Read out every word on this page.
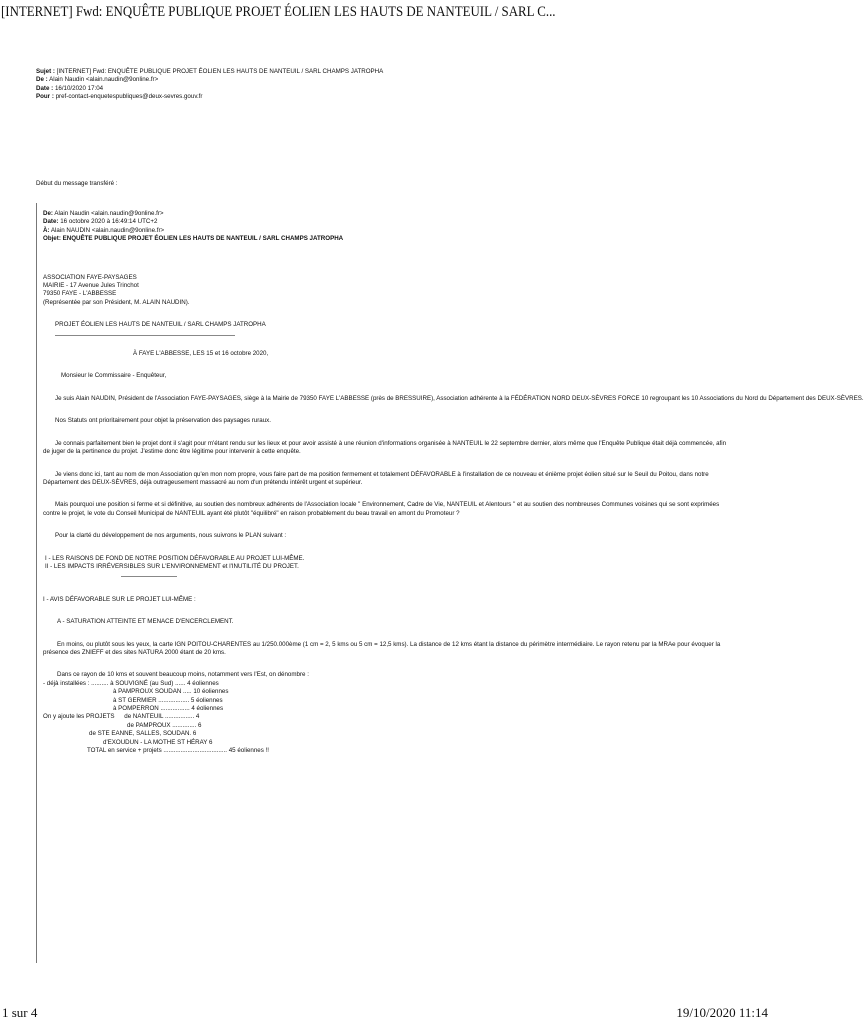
[INTERNET] Fwd: ENQUÊTE PUBLIQUE PROJET ÉOLIEN LES HAUTS DE NANTEUIL / SARL C...
Sujet : [INTERNET] Fwd: ENQUÊTE PUBLIQUE PROJET ÉOLIEN LES HAUTS DE NANTEUIL / SARL CHAMPS JATROPHA
De : Alain Naudin <alain.naudin@9online.fr>
Date : 16/10/2020 17:04
Pour : pref-contact-enquetespubliques@deux-sevres.gouv.fr
Début du message transféré :
De: Alain Naudin <alain.naudin@9online.fr>
Date: 16 octobre 2020 à 16:49:14 UTC+2
À: Alain NAUDIN <alain.naudin@9online.fr>
Objet: ENQUÊTE PUBLIQUE PROJET ÉOLIEN LES HAUTS DE NANTEUIL / SARL CHAMPS JATROPHA
ASSOCIATION FAYE-PAYSAGES
MAIRIE - 17 Avenue Jules Trinchot
79350 FAYE - L'ABBESSE
(Représentée par son Président, M. ALAIN NAUDIN).
PROJET ÉOLIEN LES HAUTS DE NANTEUIL / SARL CHAMPS JATROPHA
À FAYE L'ABBESSE, LES 15 et 16 octobre 2020,
Monsieur le Commissaire - Enquêteur,
Je suis Alain NAUDIN, Président de l'Association FAYE-PAYSAGES, siège à la Mairie de 79350 FAYE L'ABBESSE (près de BRESSUIRE), Association adhérente à la FÉDÉRATION NORD DEUX-SÈVRES FORCE 10 regroupant les 10 Associations du Nord du Département des DEUX-SÈVRES.
Nos Statuts ont prioritairement pour objet la préservation des paysages ruraux.
Je connais parfaitement bien le projet dont il s'agit pour m'étant rendu sur les lieux et pour avoir assisté à une réunion d'informations organisée à NANTEUIL le 22 septembre dernier, alors même que l'Enquête Publique était déjà commencée, afin de juger de la pertinence du projet. J'estime donc être légitime pour intervenir à cette enquête.
Je viens donc ici, tant au nom de mon Association qu'en mon nom propre, vous faire part de ma position fermement et totalement DÉFAVORABLE à l'installation de ce nouveau et énième projet éolien situé sur le Seuil du Poitou, dans notre Département des DEUX-SÈVRES, déjà outrageusement massacré au nom d'un prétendu intérêt urgent et supérieur.
Mais pourquoi une position si ferme et si définitive, au soutien des nombreux adhérents de l'Association locale " Environnement, Cadre de Vie, NANTEUIL et Alentours " et au soutien des nombreuses Communes voisines qui se sont exprimées contre le projet, le vote du Conseil Municipal de NANTEUIL ayant été plutôt "équilibré" en raison probablement du beau travail en amont du Promoteur ?
Pour la clarté du développement de nos arguments, nous suivrons le PLAN suivant :
I - LES RAISONS DE FOND DE NOTRE POSITION DÉFAVORABLE AU PROJET LUI-MÊME.
II - LES IMPACTS IRRÉVERSIBLES SUR L'ENVIRONNEMENT et l'INUTILITÉ DU PROJET.
I - AVIS DÉFAVORABLE SUR LE PROJET LUI-MÊME :
A - SATURATION ATTEINTE ET MENACE D'ENCERCLEMENT.
En moins, ou plutôt sous les yeux, la carte IGN POITOU-CHARENTES au 1/250.000ème (1 cm = 2, 5 kms ou 5 cm = 12,5 kms). La distance de 12 kms étant la distance du périmètre intermédiaire. Le rayon retenu par la MRAe pour évoquer la présence des ZNIEFF et des sites NATURA 2000 étant de 20 kms.
Dans ce rayon de 10 kms et souvent beaucoup moins, notamment vers l'Est, on dénombre :
- déjà installées : .......... à SOUVIGNÉ (au Sud) ...... 4 éoliennes
à PAMPROUX SOUDAN ..... 10 éoliennes
à ST GERMIER .................. 5 éoliennes
à POMPERRON ................. 4 éoliennes
On y ajoute les PROJETS de NANTEUIL ................. 4
de PAMPROUX .............. 6
de STE EANNE, SALLES, SOUDAN. 6
d'EXOUDUN - LA MOTHE ST HÉRAY 6
TOTAL en service + projets ..................................... 45 éoliennes !!
1 sur 4	19/10/2020 11:14
